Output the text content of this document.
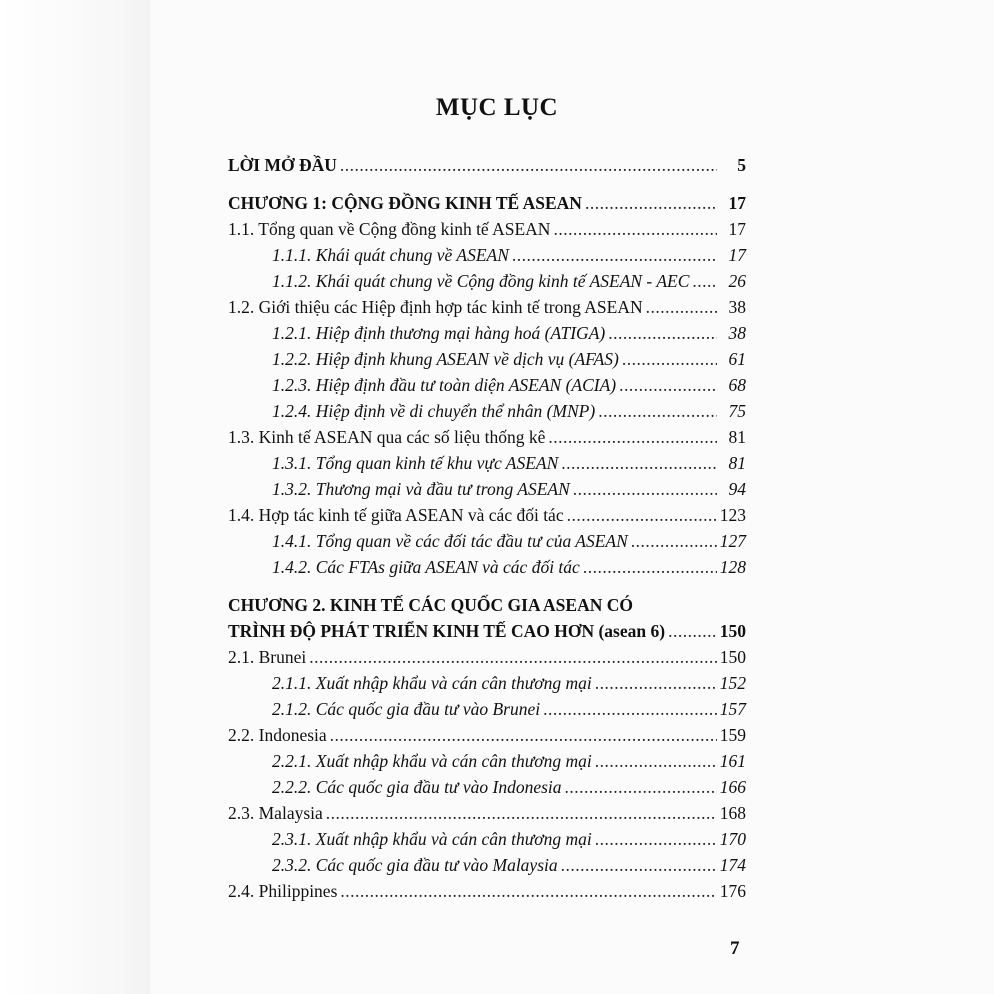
MỤC LỤC
LỜI MỞ ĐẦU .....	5
CHƯƠNG 1: CỘNG ĐỒNG KINH TẾ ASEAN .....	17
1.1. Tổng quan về Cộng đồng kinh tế ASEAN .....	17
1.1.1. Khái quát chung về ASEAN .....	17
1.1.2. Khái quát chung về Cộng đồng kinh tế ASEAN - AEC .....	26
1.2. Giới thiệu các Hiệp định hợp tác kinh tế trong ASEAN .....	38
1.2.1. Hiệp định thương mại hàng hoá (ATIGA) .....	38
1.2.2. Hiệp định khung ASEAN về dịch vụ (AFAS) .....	61
1.2.3. Hiệp định đầu tư toàn diện ASEAN (ACIA) .....	68
1.2.4. Hiệp định về di chuyển thể nhân (MNP) .....	75
1.3. Kinh tế ASEAN qua các số liệu thống kê .....	81
1.3.1. Tổng quan kinh tế khu vực ASEAN .....	81
1.3.2. Thương mại và đầu tư trong ASEAN .....	94
1.4. Hợp tác kinh tế giữa ASEAN và các đối tác .....	123
1.4.1. Tổng quan về các đối tác đầu tư của ASEAN .....	127
1.4.2. Các FTAs giữa ASEAN và các đối tác .....	128
CHƯƠNG 2. KINH TẾ CÁC QUỐC GIA ASEAN CÓ
TRÌNH ĐỘ PHÁT TRIỂN KINH TẾ CAO HƠN (asean 6) .....	150
2.1. Brunei .....	150
2.1.1. Xuất nhập khẩu và cán cân thương mại .....	152
2.1.2. Các quốc gia đầu tư vào Brunei .....	157
2.2. Indonesia .....	159
2.2.1. Xuất nhập khẩu và cán cân thương mại .....	161
2.2.2. Các quốc gia đầu tư vào Indonesia .....	166
2.3. Malaysia .....	168
2.3.1. Xuất nhập khẩu và cán cân thương mại .....	170
2.3.2. Các quốc gia đầu tư vào Malaysia .....	174
2.4. Philippines .....	176
7
